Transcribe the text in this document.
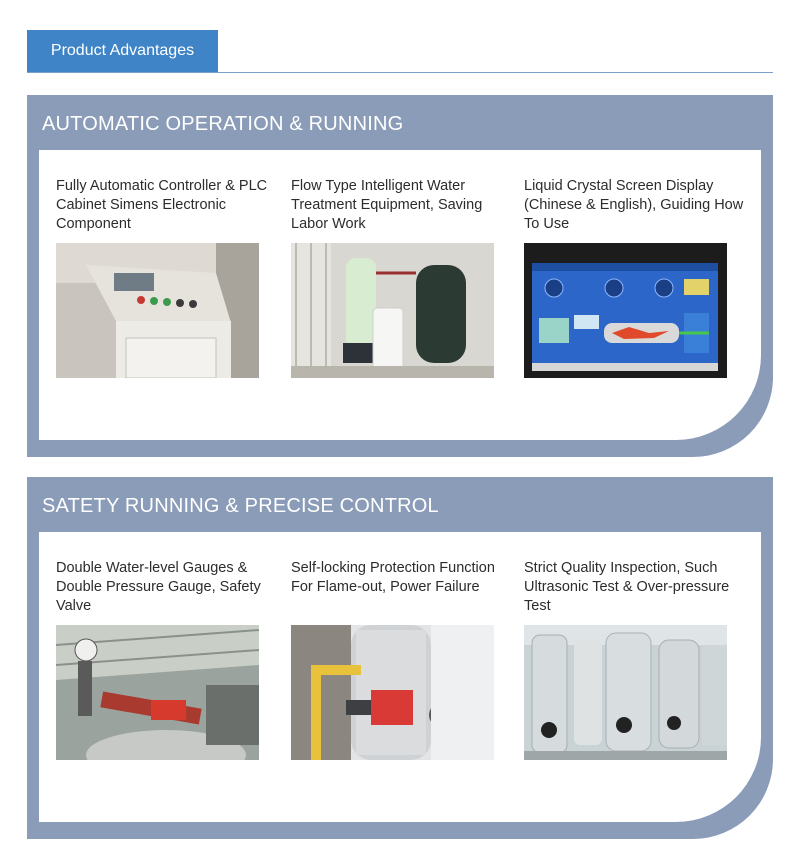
Product Advantages
AUTOMATIC OPERATION & RUNNING
Fully Automatic Controller & PLC Cabinet Simens Electronic Component
Flow Type Intelligent Water Treatment Equipment, Saving Labor Work
Liquid Crystal Screen Display (Chinese & English), Guiding How To Use
SATETY RUNNING & PRECISE CONTROL
Double Water-level Gauges & Double Pressure Gauge, Safety Valve
Self-locking Protection Function For Flame-out, Power Failure
Strict Quality Inspection, Such Ultrasonic Test & Over-pressure Test
